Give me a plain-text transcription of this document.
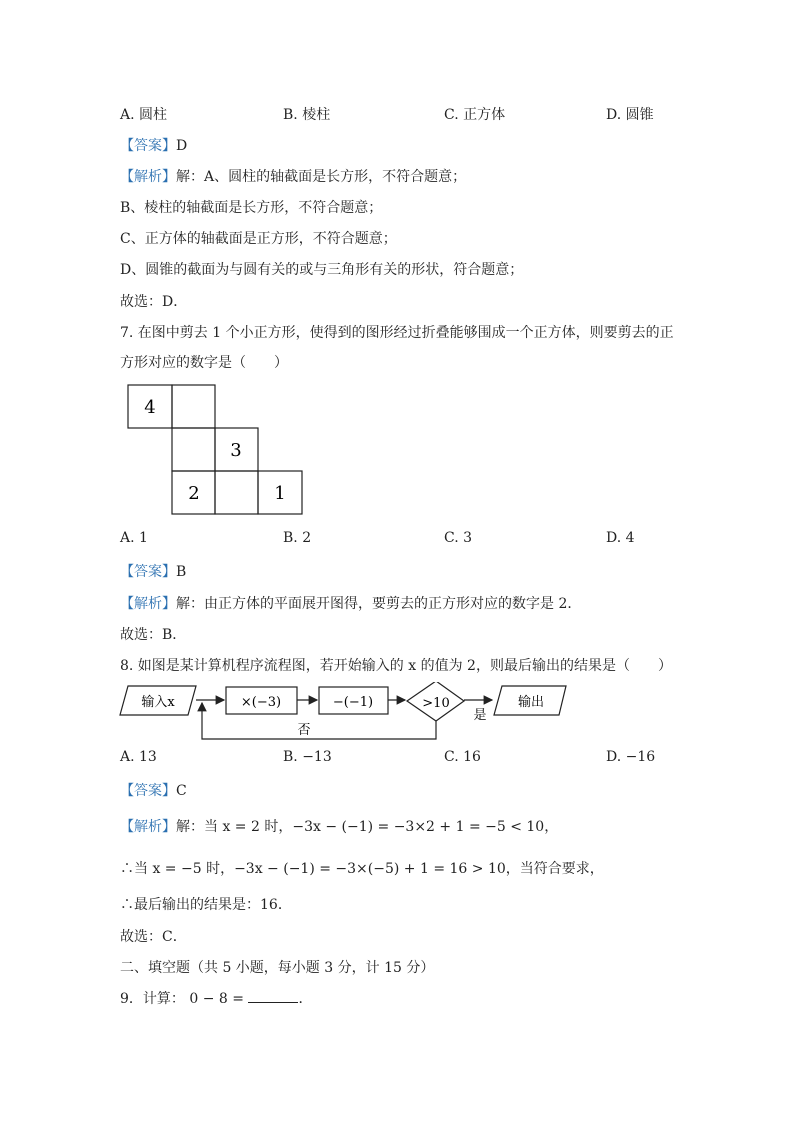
A. 圆柱	B. 棱柱	C. 正方体	D. 圆锥
【答案】D
【解析】解：A、圆柱的轴截面是长方形，不符合题意；
B、棱柱的轴截面是长方形，不符合题意；
C、正方体的轴截面是正方形，不符合题意；
D、圆锥的截面为与圆有关的或与三角形有关的形状，符合题意；
故选：D．
7. 在图中剪去 1 个小正方形，使得到的图形经过折叠能够围成一个正方体，则要剪去的正
方形对应的数字是（　　）
4
3
2	1
A. 1	B. 2	C. 3	D. 4
【答案】B
【解析】解：由正方体的平面展开图得，要剪去的正方形对应的数字是 2．
故选：B．
8. 如图是某计算机程序流程图，若开始输入的 x 的值为 2，则最后输出的结果是（　　）
输入x	×(−3)	−(−1)	>10	输出
是
否
A. 13	B. −13	C. 16	D. −16
【答案】C
【解析】解：当 x = 2 时，−3x − (−1) = −3×2 + 1 = −5 < 10，
∴当 x = −5 时，−3x − (−1) = −3×(−5) + 1 = 16 > 10，当符合要求，
∴最后输出的结果是：16．
故选：C．
二、填空题（共 5 小题，每小题 3 分，计 15 分）
9．计算： 0 − 8 =	．
